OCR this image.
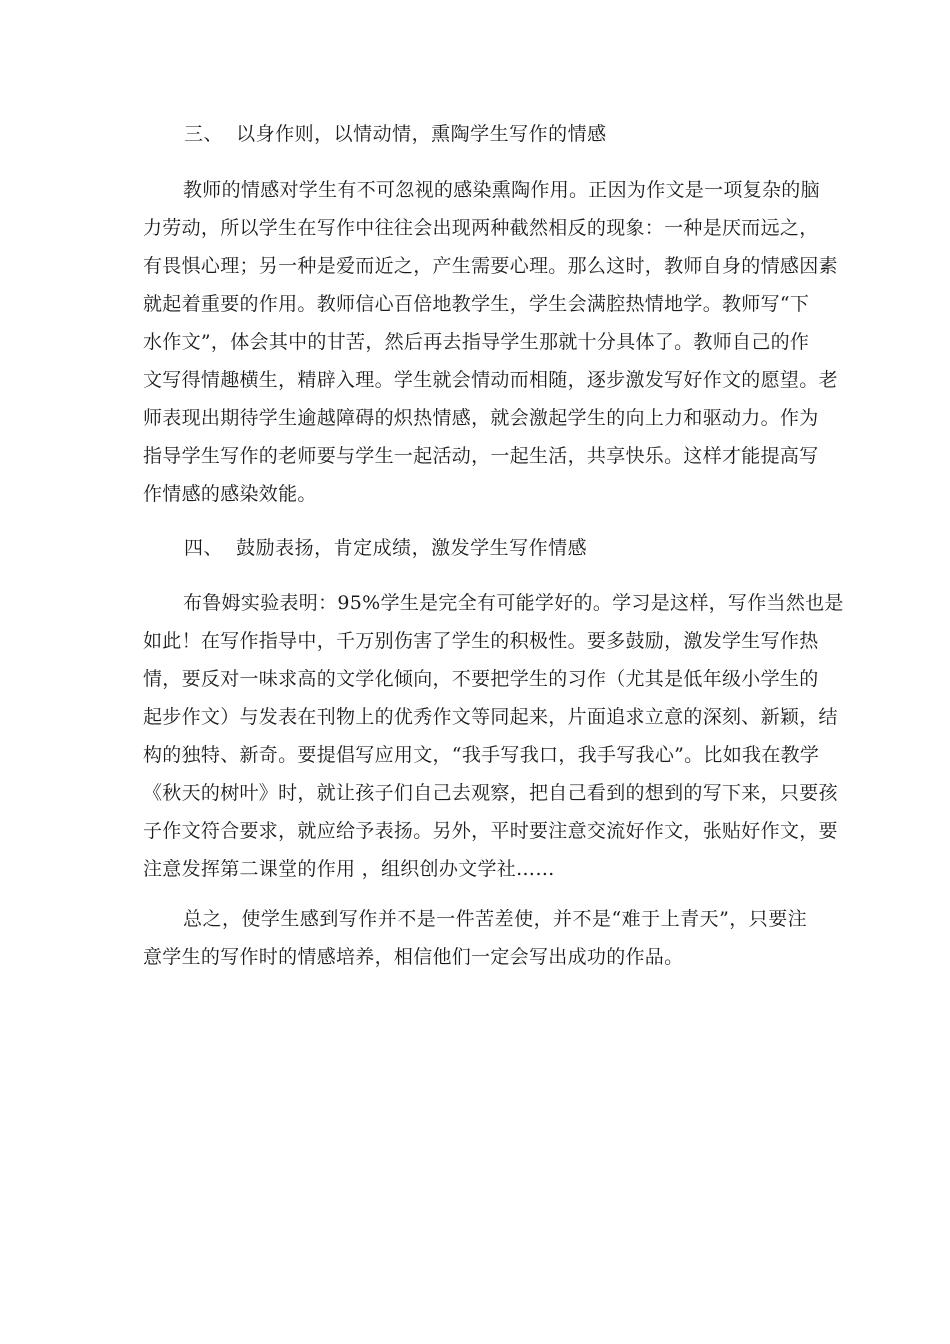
三、  以身作则，以情动情，熏陶学生写作的情感
教师的情感对学生有不可忽视的感染熏陶作用。正因为作文是一项复杂的脑
力劳动，所以学生在写作中往往会出现两种截然相反的现象：一种是厌而远之，
有畏惧心理；另一种是爱而近之，产生需要心理。那么这时，教师自身的情感因素
就起着重要的作用。教师信心百倍地教学生，学生会满腔热情地学。教师写“下
水作文”，体会其中的甘苦，然后再去指导学生那就十分具体了。教师自己的作
文写得情趣横生，精辟入理。学生就会情动而相随，逐步激发写好作文的愿望。老
师表现出期待学生逾越障碍的炽热情感，就会激起学生的向上力和驱动力。作为
指导学生写作的老师要与学生一起活动，一起生活，共享快乐。这样才能提高写
作情感的感染效能。
四、  鼓励表扬，肯定成绩，激发学生写作情感
布鲁姆实验表明：95%学生是完全有可能学好的。学习是这样，写作当然也是
如此！在写作指导中，千万别伤害了学生的积极性。要多鼓励，激发学生写作热
情，要反对一味求高的文学化倾向，不要把学生的习作（尤其是低年级小学生的
起步作文）与发表在刊物上的优秀作文等同起来，片面追求立意的深刻、新颖，结
构的独特、新奇。要提倡写应用文，“我手写我口，我手写我心”。比如我在教学
《秋天的树叶》时，就让孩子们自己去观察，把自己看到的想到的写下来，只要孩
子作文符合要求，就应给予表扬。另外，平时要注意交流好作文，张贴好作文，要
注意发挥第二课堂的作用 ，组织创办文学社……
总之，使学生感到写作并不是一件苦差使，并不是“难于上青天”，只要注
意学生的写作时的情感培养，相信他们一定会写出成功的作品。
